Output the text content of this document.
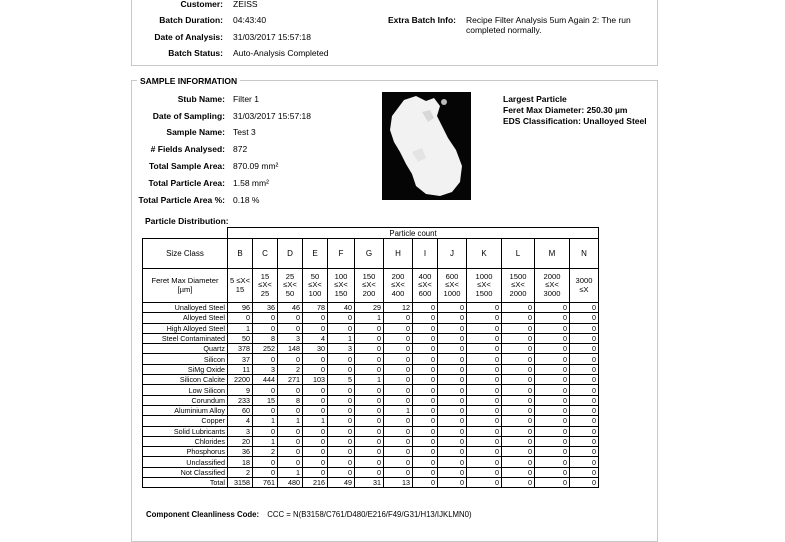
Customer: ZEISS
Batch Duration: 04:43:40
Date of Analysis: 31/03/2017 15:57:18
Batch Status: Auto-Analysis Completed
Extra Batch Info: Recipe Filter Analysis 5um Again 2: The run
completed normally.
SAMPLE INFORMATION
Stub Name: Filter 1
Date of Sampling: 31/03/2017 15:57:18
Sample Name: Test 3
# Fields Analysed: 872
Total Sample Area: 870.09 mm²
Total Particle Area: 1.58 mm²
Total Particle Area %: 0.18 %
Largest Particle
Feret Max Diameter: 250.30 µm
EDS Classification: Unalloyed Steel
Particle Distribution:
	Particle count												
Size Class	B	C	D	E	F	G	H	I	J	K	L	M	N
Feret Max Diameter [µm]	5 ≤X< 15	15 ≤X< 25	25 ≤X< 50	50 ≤X< 100	100 ≤X< 150	150 ≤X< 200	200 ≤X< 400	400 ≤X< 600	600 ≤X< 1000	1000 ≤X< 1500	1500 ≤X< 2000	2000 ≤X< 3000	3000 ≤X
Unalloyed Steel	96	36	46	78	40	29	12	0	0	0	0	0	0
Alloyed Steel	0	0	0	0	0	1	0	0	0	0	0	0	0
High Alloyed Steel	1	0	0	0	0	0	0	0	0	0	0	0	0
Steel Contaminated	50	8	3	4	1	0	0	0	0	0	0	0	0
Quartz	378	252	148	30	3	0	0	0	0	0	0	0	0
Silicon	37	0	0	0	0	0	0	0	0	0	0	0	0
SiMg Oxide	11	3	2	0	0	0	0	0	0	0	0	0	0
Silicon Calcite	2200	444	271	103	5	1	0	0	0	0	0	0	0
Low Silicon	9	0	0	0	0	0	0	0	0	0	0	0	0
Corundum	233	15	8	0	0	0	0	0	0	0	0	0	0
Aluminium Alloy	60	0	0	0	0	0	1	0	0	0	0	0	0
Copper	4	1	1	1	0	0	0	0	0	0	0	0	0
Solid Lubricants	3	0	0	0	0	0	0	0	0	0	0	0	0
Chlorides	20	1	0	0	0	0	0	0	0	0	0	0	0
Phosphorus	36	2	0	0	0	0	0	0	0	0	0	0	0
Unclassified	18	0	0	0	0	0	0	0	0	0	0	0	0
Not Classified	2	0	1	0	0	0	0	0	0	0	0	0	0
Total	3158	761	480	216	49	31	13	0	0	0	0	0	0
Component Cleanliness Code: CCC = N(B3158/C761/D480/E216/F49/G31/H13/IJKLMN0)
